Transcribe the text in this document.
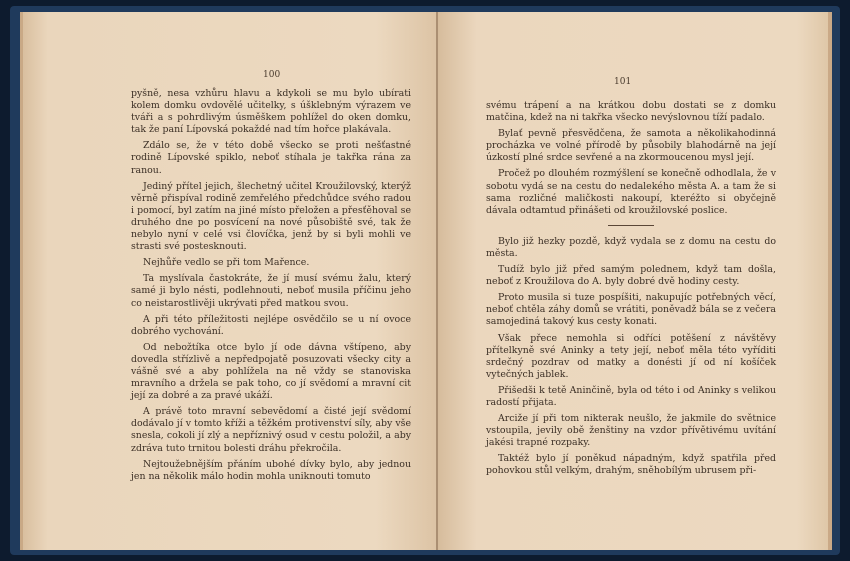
100

pyšně, nesa vzhůru hlavu a kdykoli se mu bylo ubírati kolem domku ovdovělé učitelky, s úšklebným výrazem ve tváři a s pohrdlivým úsměškem pohlížel do oken domku, tak že paní Lípovská pokaždé nad tím hořce plakávala.

Zdálo se, že v této době všecko se proti nešťastné rodině Lípovské spiklo, neboť stíhala je takřka rána za ranou.

Jediný přítel jejich, šlechetný učitel Kroužilovský, kterýž věrně přispíval rodině zemřelého předchůdce svého radou i pomocí, byl zatím na jiné místo přeložen a přesťěhoval se druhého dne po posvícení na nové působiště své, tak že nebylo nyní v celé vsi človíčka, jenž by si byli mohli ve strasti své postesknouti.

Nejhůře vedlo se při tom Mařence.

Ta myslívala častokráte, že jí musí svému žalu, který samé ji bylo nésti, podlehnouti, neboť musila příčinu jeho co neistarostlivěji ukrývati před matkou svou.

A při této příležitosti nejlépe osvědčilo se u ní ovoce dobrého vychování.

Od nebožtíka otce bylo jí ode dávna vštípeno, aby dovedla střízlivě a nepředpojatě posuzovati všecky city a vášně své a aby pohlížela na ně vždy se stanoviska mravního a držela se pak toho, co jí svědomí a mravní cit její za dobré a za pravé ukáží.

A právě toto mravní sebevědomí a čisté její svědomí dodávalo jí v tomto kříži a těžkém protivenství síly, aby vše snesla, cokoli jí zlý a nepříznivý osud v cestu položil, a aby zdráva tuto trnitou bolesti dráhu překročila.

Nejtoužebnějším přáním ubohé dívky bylo, aby jednou jen na několik málo hodin mohla uniknouti tomuto

101

svému trápení a na krátkou dobu dostati se z domku matčina, kdež na ni takřka všecko nevýslovnou tíží padalo.

Bylať pevně přesvědčena, že samota a několikahodinná procházka ve volné přírodě by působily blahodárně na její úzkostí plné srdce sevřené a na zkormoucenou mysl její.

Pročež po dlouhém rozmýšlení se konečně odhodlala, že v sobotu vydá se na cestu do nedalekého města A. a tam že si sama rozličné maličkosti nakoupí, kteréžto si obyčejně dávala odtamtud přinášeti od kroužilovské poslice.

Bylo již hezky pozdě, když vydala se z domu na cestu do města.

Tudíž bylo již před samým polednem, když tam došla, neboť z Kroužilova do A. byly dobré dvě hodiny cesty.

Proto musila si tuze pospíšiti, nakupujíc potřebných věcí, neboť chtěla záhy domů se vrátiti, poněvadž bála se z večera samojediná takový kus cesty konati.

Však přece nemohla si odříci potěšení z návštěvy přítelkyně své Aninky a tety její, neboť měla této vyříditi srdečný pozdrav od matky a donésti jí od ní košíček vytečných jablek.

Přišedši k tetě Aninčině, byla od této i od Aninky s velikou radostí přijata.

Arciže jí při tom nikterak neušlo, že jakmile do světnice vstoupila, jevily obě ženštiny na vzdor přívětivému uvítání jakési trapné rozpaky.

Taktéž bylo jí poněkud nápadným, když spatřila před pohovkou stůl velkým, drahým, sněhobílým ubrusem při-
